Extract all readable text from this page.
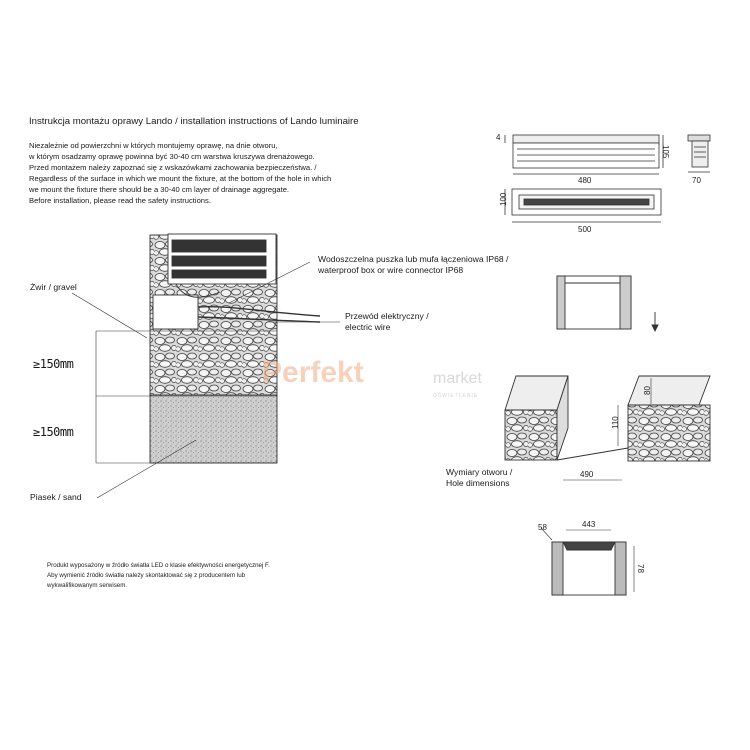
4
105
480	70
100
500
490
110
80
58	443
78
Instrukcja montażu oprawy Lando / installation instructions of Lando luminaire
Niezależnie od powierzchni w których montujemy oprawę, na dnie otworu,
w którym osadzamy oprawę powinna być 30-40 cm warstwa kruszywa drenażowego.
Przed montażem należy zapoznać się z wskazówkami zachowania bezpieczeństwa. /
Regardless of the surface in which we mount the fixture, at the bottom of the hole in which
we mount the fixture there should be a 30-40 cm layer of drainage aggregate.
Before installation, please read the safety instructions.
Żwir / gravel
Piasek / sand
Wodoszczelna puszka lub mufa łączeniowa IP68 /
waterproof box or wire connector IP68
Przewód elektryczny /
electric wire
≥150mm
≥150mm
Wymiary otworu /
Hole dimensions
Produkt wyposażony w źródło światła LED o klasie efektywności energetycznej F.
Aby wymienić źródło światła należy skontaktować się z producentem lub
wykwalifikowanym serwisem.
Perfekt	market
OŚWIETLENIE
